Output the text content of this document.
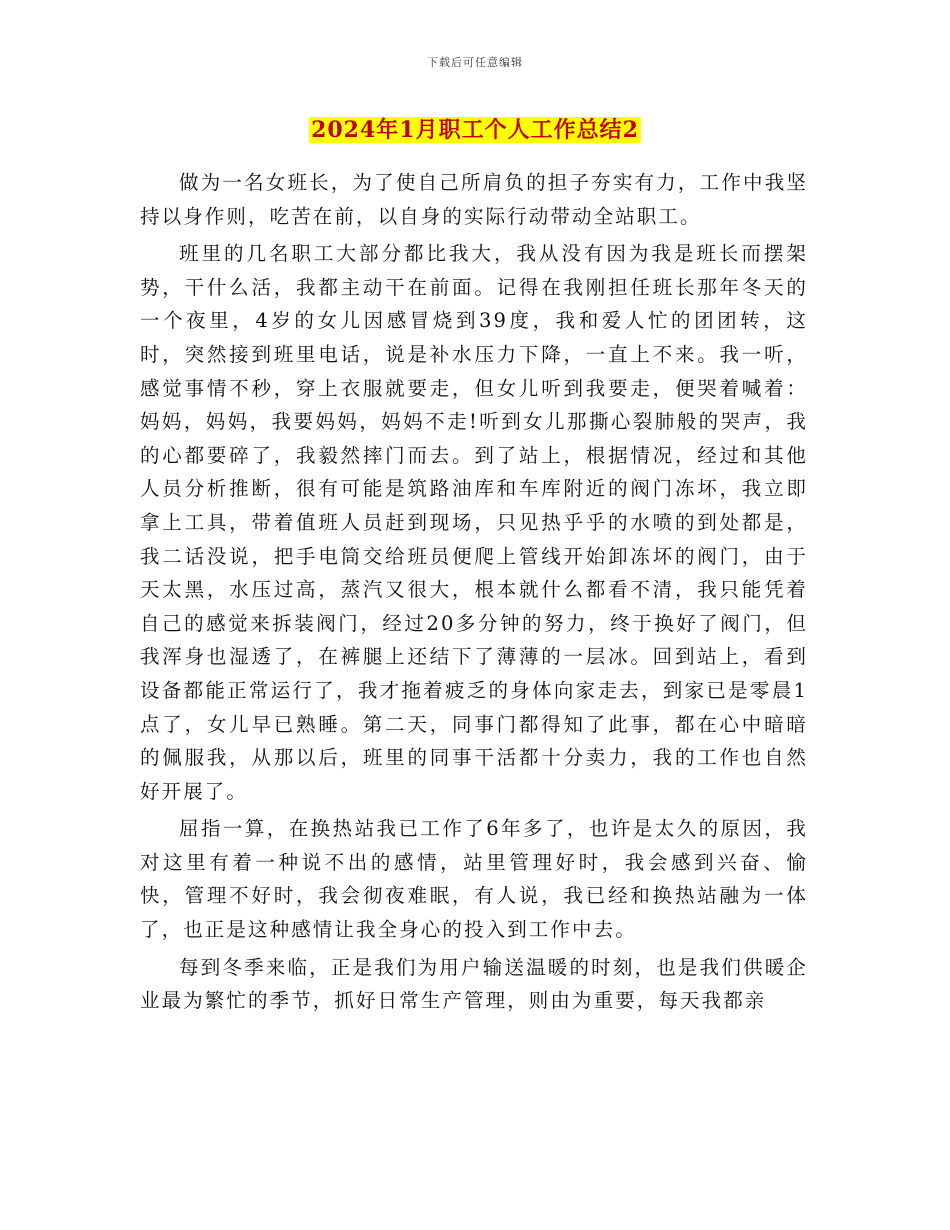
下载后可任意编辑
2024年1月职工个人工作总结2

做为一名女班长，为了使自己所肩负的担子夯实有力，工作中我坚持以身作则，吃苦在前，以自身的实际行动带动全站职工。

班里的几名职工大部分都比我大，我从没有因为我是班长而摆架势，干什么活，我都主动干在前面。记得在我刚担任班长那年冬天的一个夜里，4岁的女儿因感冒烧到39度，我和爱人忙的团团转，这时，突然接到班里电话，说是补水压力下降，一直上不来。我一听，感觉事情不秒，穿上衣服就要走，但女儿听到我要走，便哭着喊着：妈妈，妈妈，我要妈妈，妈妈不走!听到女儿那撕心裂肺般的哭声，我的心都要碎了，我毅然摔门而去。到了站上，根据情况，经过和其他人员分析推断，很有可能是筑路油库和车库附近的阀门冻坏，我立即拿上工具，带着值班人员赶到现场，只见热乎乎的水喷的到处都是，我二话没说，把手电筒交给班员便爬上管线开始卸冻坏的阀门，由于天太黑，水压过高，蒸汽又很大，根本就什么都看不清，我只能凭着自己的感觉来拆装阀门，经过20多分钟的努力，终于换好了阀门，但我浑身也湿透了，在裤腿上还结下了薄薄的一层冰。回到站上，看到设备都能正常运行了，我才拖着疲乏的身体向家走去，到家已是零晨1点了，女儿早已熟睡。第二天，同事门都得知了此事，都在心中暗暗的佩服我，从那以后，班里的同事干活都十分卖力，我的工作也自然好开展了。

屈指一算，在换热站我已工作了6年多了，也许是太久的原因，我对这里有着一种说不出的感情，站里管理好时，我会感到兴奋、愉快，管理不好时，我会彻夜难眠，有人说，我已经和换热站融为一体了，也正是这种感情让我全身心的投入到工作中去。

每到冬季来临，正是我们为用户输送温暖的时刻，也是我们供暖企业最为繁忙的季节，抓好日常生产管理，则由为重要，每天我都亲
